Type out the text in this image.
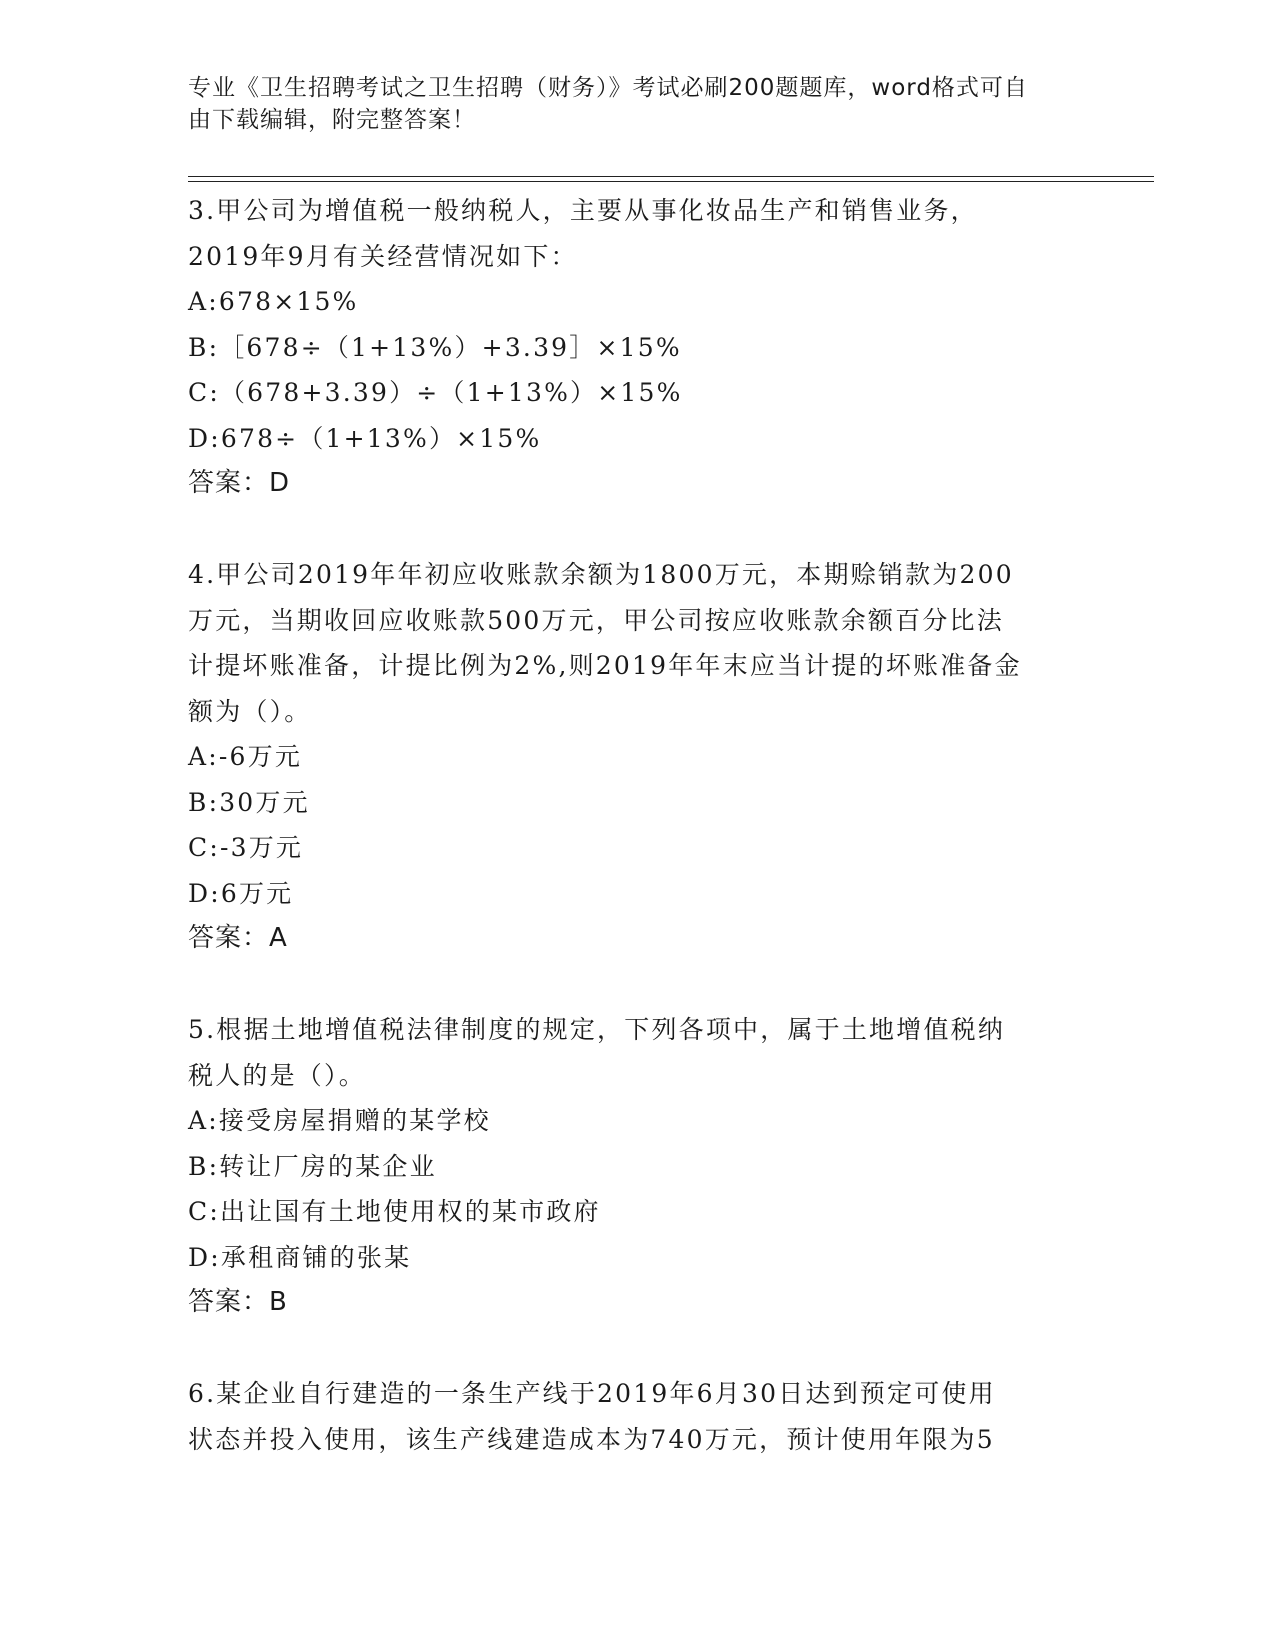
专业《卫生招聘考试之卫生招聘（财务）》考试必刷200题题库，word格式可自
由下载编辑，附完整答案！
3.甲公司为增值税一般纳税人，主要从事化妆品生产和销售业务，
2019年9月有关经营情况如下：
A:678×15%
B:［678÷（1+13%）+3.39］×15%
C:（678+3.39）÷（1+13%）×15%
D:678÷（1+13%）×15%
答案：D
4.甲公司2019年年初应收账款余额为1800万元，本期赊销款为200
万元，当期收回应收账款500万元，甲公司按应收账款余额百分比法
计提坏账准备，计提比例为2%,则2019年年末应当计提的坏账准备金
额为（）。
A:-6万元
B:30万元
C:-3万元
D:6万元
答案：A
5.根据土地增值税法律制度的规定，下列各项中，属于土地增值税纳
税人的是（）。
A:接受房屋捐赠的某学校
B:转让厂房的某企业
C:出让国有土地使用权的某市政府
D:承租商铺的张某
答案：B
6.某企业自行建造的一条生产线于2019年6月30日达到预定可使用
状态并投入使用，该生产线建造成本为740万元，预计使用年限为5
